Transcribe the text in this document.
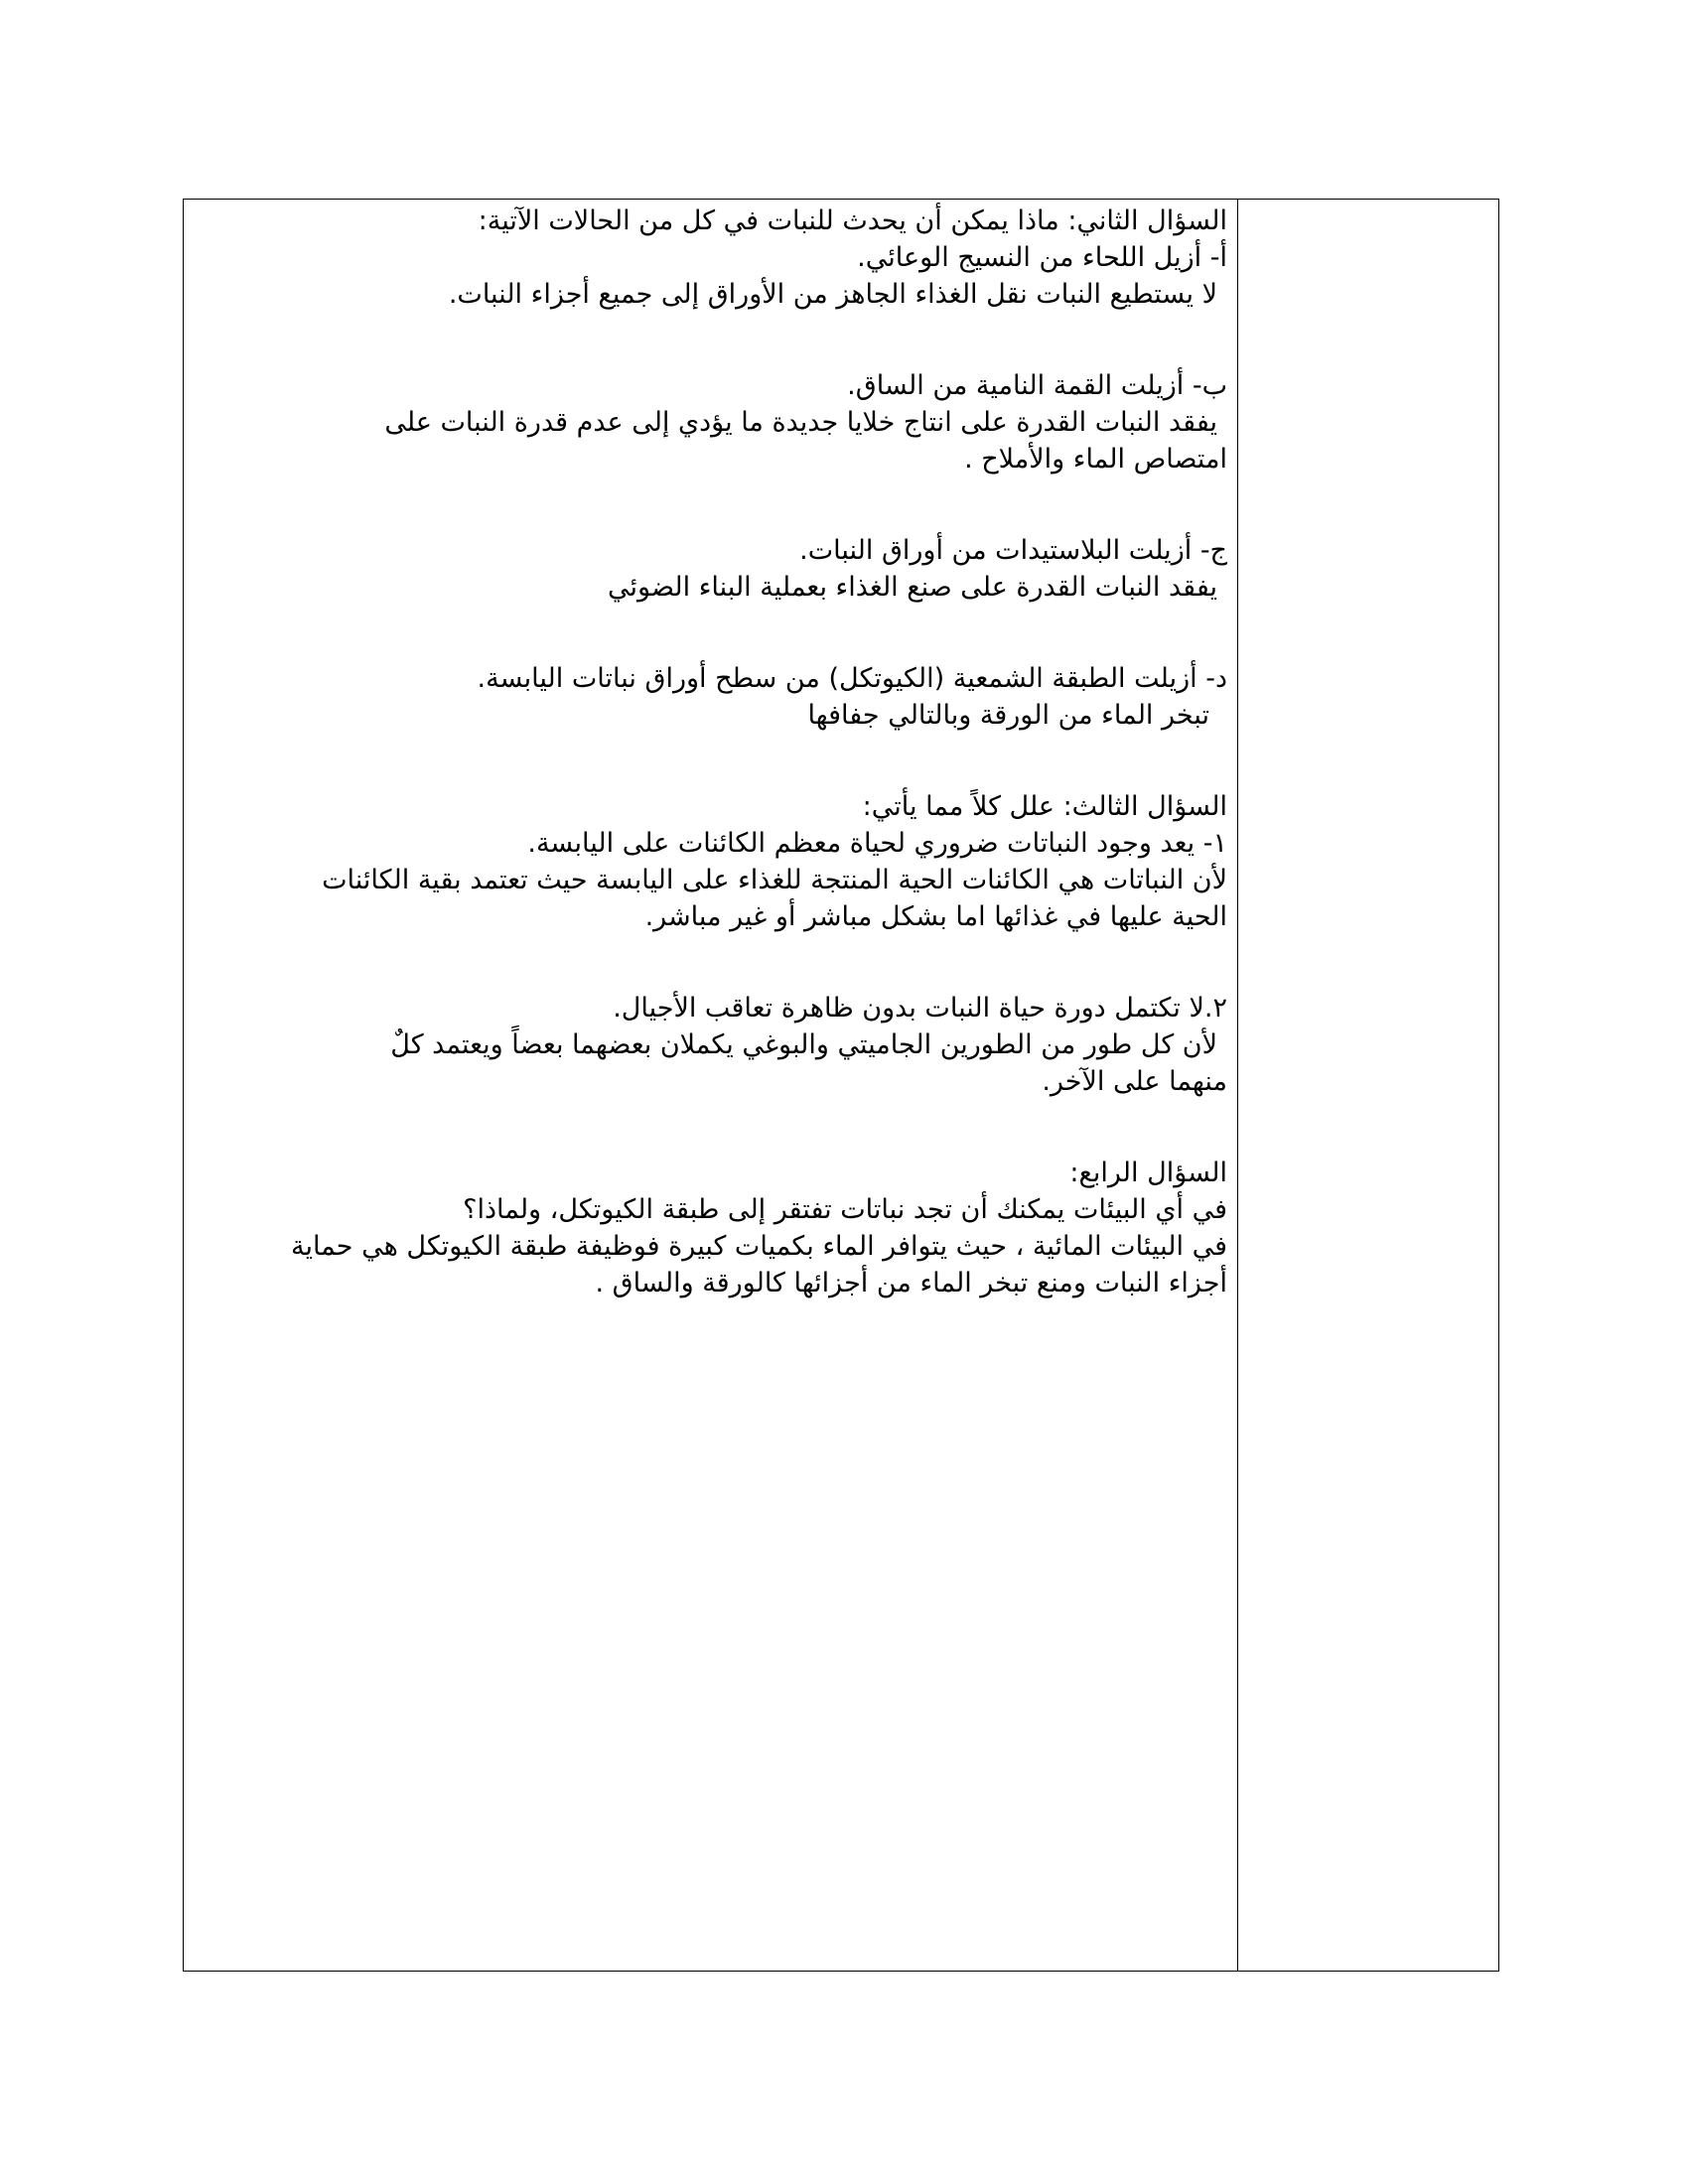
السؤال الثاني: ماذا يمكن أن يحدث للنبات في كل من الحالات الآتية:
أ- أزيل اللحاء من النسيج الوعائي.
لا يستطيع النبات نقل الغذاء الجاهز من الأوراق إلى جميع أجزاء النبات.
ب- أزيلت القمة النامية من الساق.
يفقد النبات القدرة على انتاج خلايا جديدة ما يؤدي إلى عدم قدرة النبات على
امتصاص الماء والأملاح .
ج- أزيلت البلاستيدات من أوراق النبات.
يفقد النبات القدرة على صنع الغذاء بعملية البناء الضوئي
د- أزيلت الطبقة الشمعية (الكيوتكل) من سطح أوراق نباتات اليابسة.
تبخر الماء من الورقة وبالتالي جفافها
السؤال الثالث: علل كلاً مما يأتي:
١- يعد وجود النباتات ضروري لحياة معظم الكائنات على اليابسة.
لأن النباتات هي الكائنات الحية المنتجة للغذاء على اليابسة حيث تعتمد بقية الكائنات
الحية عليها في غذائها اما بشكل مباشر أو غير مباشر.
٢.لا تكتمل دورة حياة النبات بدون ظاهرة تعاقب الأجيال.
لأن كل طور من الطورين الجاميتي والبوغي يكملان بعضهما بعضاً ويعتمد كلٌ
منهما على الآخر.
السؤال الرابع:
في أي البيئات يمكنك أن تجد نباتات تفتقر إلى طبقة الكيوتكل، ولماذا؟
في البيئات المائية ، حيث يتوافر الماء بكميات كبيرة فوظيفة طبقة الكيوتكل هي حماية
أجزاء النبات ومنع تبخر الماء من أجزائها كالورقة والساق .
